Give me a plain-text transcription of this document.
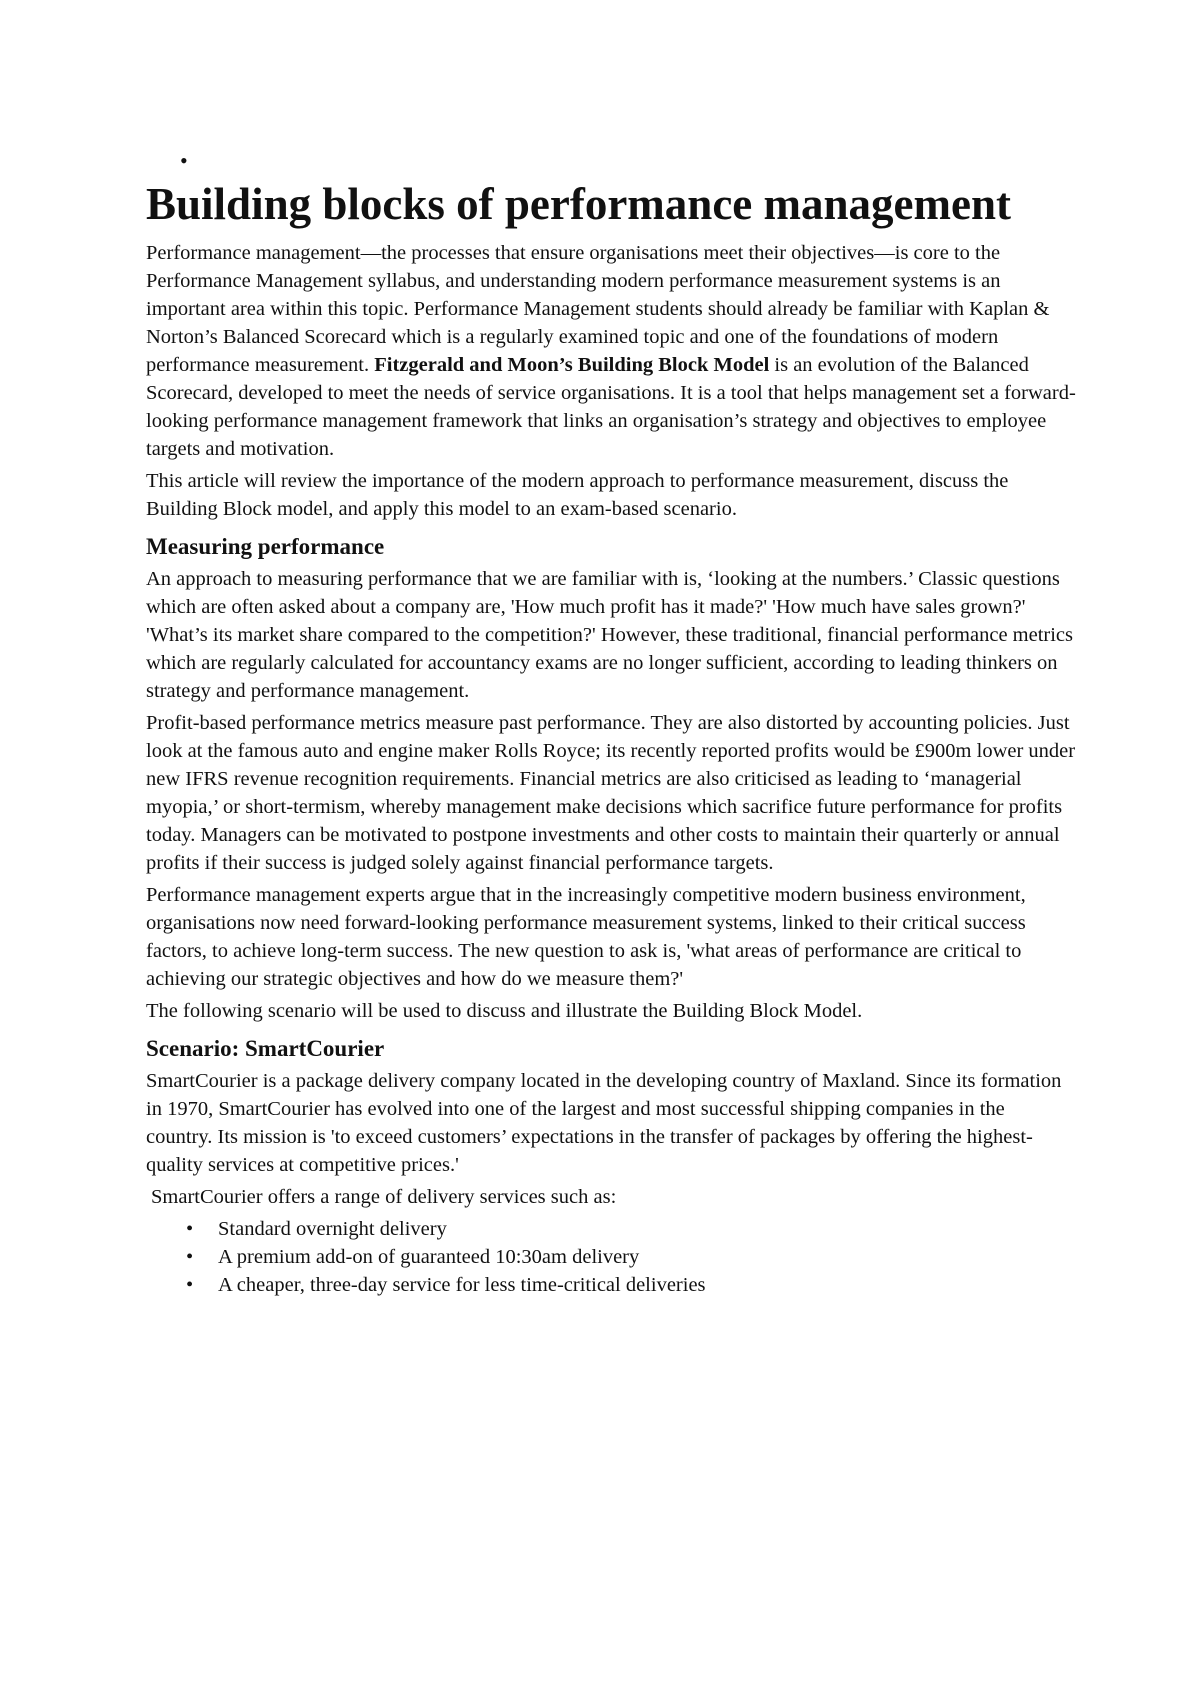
•
Building blocks of performance management

Performance management—the processes that ensure organisations meet their objectives—is core to the Performance Management syllabus, and understanding modern performance measurement systems is an important area within this topic. Performance Management students should already be familiar with Kaplan & Norton’s Balanced Scorecard which is a regularly examined topic and one of the foundations of modern performance measurement. Fitzgerald and Moon’s Building Block Model is an evolution of the Balanced Scorecard, developed to meet the needs of service organisations. It is a tool that helps management set a forward-looking performance management framework that links an organisation’s strategy and objectives to employee targets and motivation.

This article will review the importance of the modern approach to performance measurement, discuss the Building Block model, and apply this model to an exam-based scenario.

Measuring performance

An approach to measuring performance that we are familiar with is, ‘looking at the numbers.’ Classic questions which are often asked about a company are, 'How much profit has it made?' 'How much have sales grown?' 'What’s its market share compared to the competition?' However, these traditional, financial performance metrics which are regularly calculated for accountancy exams are no longer sufficient, according to leading thinkers on strategy and performance management.

Profit-based performance metrics measure past performance. They are also distorted by accounting policies. Just look at the famous auto and engine maker Rolls Royce; its recently reported profits would be £900m lower under new IFRS revenue recognition requirements. Financial metrics are also criticised as leading to ‘managerial myopia,’ or short-termism, whereby management make decisions which sacrifice future performance for profits today. Managers can be motivated to postpone investments and other costs to maintain their quarterly or annual profits if their success is judged solely against financial performance targets.

Performance management experts argue that in the increasingly competitive modern business environment, organisations now need forward-looking performance measurement systems, linked to their critical success factors, to achieve long-term success. The new question to ask is, 'what areas of performance are critical to achieving our strategic objectives and how do we measure them?'

The following scenario will be used to discuss and illustrate the Building Block Model.

Scenario: SmartCourier

SmartCourier is a package delivery company located in the developing country of Maxland. Since its formation in 1970, SmartCourier has evolved into one of the largest and most successful shipping companies in the country. Its mission is 'to exceed customers’ expectations in the transfer of packages by offering the highest-quality services at competitive prices.'

SmartCourier offers a range of delivery services such as:

• Standard overnight delivery
• A premium add-on of guaranteed 10:30am delivery
• A cheaper, three-day service for less time-critical deliveries
